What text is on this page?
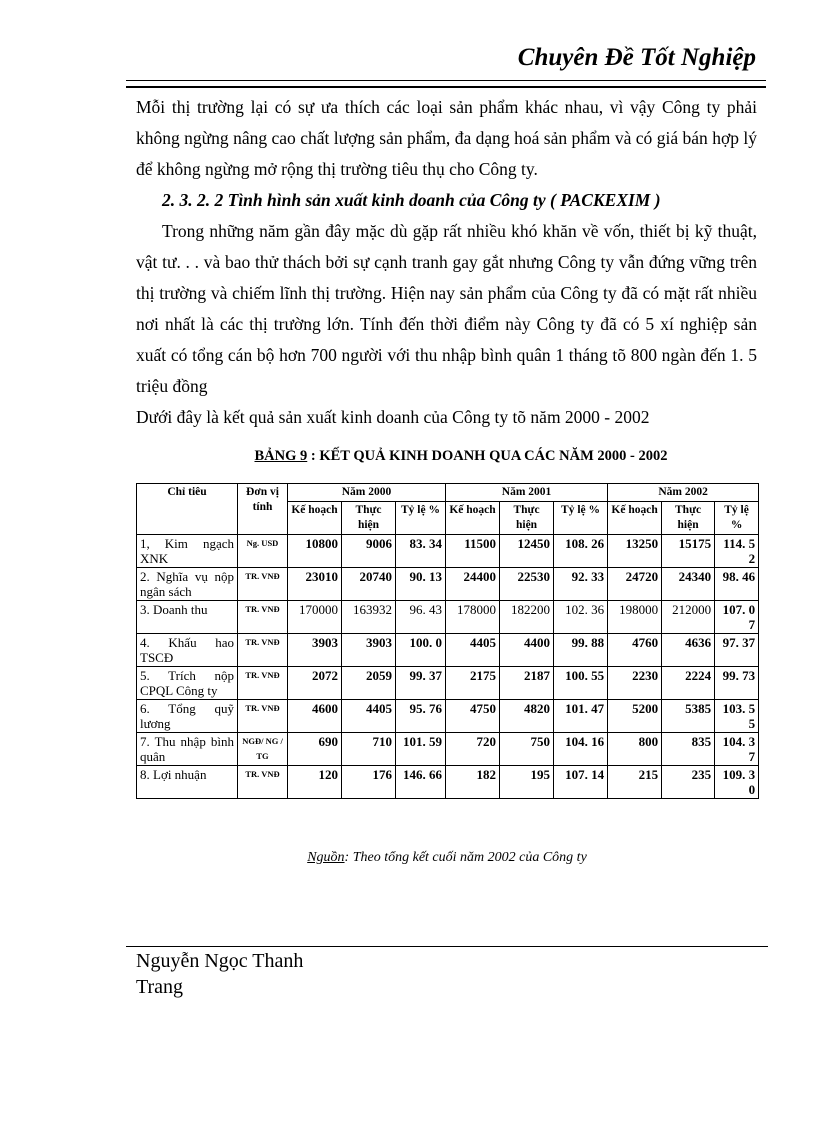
Chuyên Đề Tốt Nghiệp

Mỗi thị trường lại có sự ưa thích các loại sản phẩm khác nhau, vì vậy Công ty phải không ngừng nâng cao chất lượng sản phẩm, đa dạng hoá sản phẩm và có giá bán hợp lý để không ngừng mở rộng thị trường tiêu thụ cho Công ty.

2. 3. 2. 2 Tình hình sản xuất kinh doanh của Công ty ( PACKEXIM )

Trong những năm gần đây mặc dù gặp rất nhiều khó khăn về vốn, thiết bị kỹ thuật, vật tư. . . và bao thử thách bởi sự cạnh tranh gay gắt nhưng Công ty vẫn đứng vững trên thị trường và chiếm lĩnh thị trường. Hiện nay sản phẩm của Công ty đã có mặt rất nhiều nơi nhất là các thị trường lớn. Tính đến thời điểm này Công ty đã có 5 xí nghiệp sản xuất có tổng cán bộ hơn 700 người với thu nhập bình quân 1 tháng tõ 800 ngàn đến 1. 5 triệu đồng

Dưới đây là kết quả sản xuất kinh doanh của Công ty tõ năm 2000 - 2002

BẢNG 9 : KẾT QUẢ KINH DOANH QUA CÁC NĂM 2000 - 2002
Chỉ tiêu	Đơn vị tính	Năm 2000			Năm 2001			Năm 2002		
		Kế hoạch	Thực hiện	Tỷ lệ %	Kế hoạch	Thực hiện	Tỷ lệ %	Kế hoạch	Thực hiện	Tỷ lệ %
1, Kim ngạch XNK	Ng. USD	10800	9006	83. 34	11500	12450	108. 26	13250	15175	114. 52
2. Nghĩa vụ nộp ngân sách	TR. VNĐ	23010	20740	90. 13	24400	22530	92. 33	24720	24340	98. 46
3. Doanh thu	TR. VNĐ	170000	163932	96. 43	178000	182200	102. 36	198000	212000	107. 07
4. Khấu hao TSCĐ	TR. VNĐ	3903	3903	100. 0	4405	4400	99. 88	4760	4636	97. 37
5. Trích nộp CPQL Công ty	TR. VNĐ	2072	2059	99. 37	2175	2187	100. 55	2230	2224	99. 73
6. Tổng quỹ lương	TR. VNĐ	4600	4405	95. 76	4750	4820	101. 47	5200	5385	103. 55
7. Thu nhập bình quân	NGĐ/ NG / TG	690	710	101. 59	720	750	104. 16	800	835	104. 37
8. Lợi nhuận	TR. VNĐ	120	176	146. 66	182	195	107. 14	215	235	109. 30
Nguồn: Theo tổng kết cuối năm 2002 của Công ty
Nguyễn Ngọc Thanh Trang
